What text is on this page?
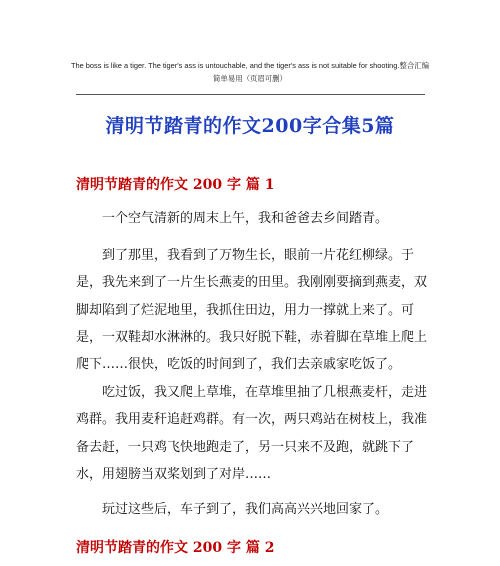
The boss is like a tiger. The tiger's ass is untouchable, and the tiger's ass is not suitable for shooting.整合汇编
简单易用（页眉可删）
清明节踏青的作文200字合集5篇
清明节踏青的作文 200 字 篇 1

一个空气清新的周末上午，我和爸爸去乡间踏青。

到了那里，我看到了万物生长，眼前一片花红柳绿。于是，我先来到了一片生长燕麦的田里。我刚刚要摘到燕麦，双脚却陷到了烂泥地里，我抓住田边，用力一撑就上来了。可是，一双鞋却水淋淋的。我只好脱下鞋，赤着脚在草堆上爬上爬下……很快，吃饭的时间到了，我们去亲戚家吃饭了。

吃过饭，我又爬上草堆，在草堆里抽了几根燕麦杆，走进鸡群。我用麦秆追赶鸡群。有一次，两只鸡站在树枝上，我准备去赶，一只鸡飞快地跑走了，另一只来不及跑，就跳下了水，用翅膀当双桨划到了对岸……

玩过这些后，车子到了，我们高高兴兴地回家了。

清明节踏青的作文 200 字 篇 2
